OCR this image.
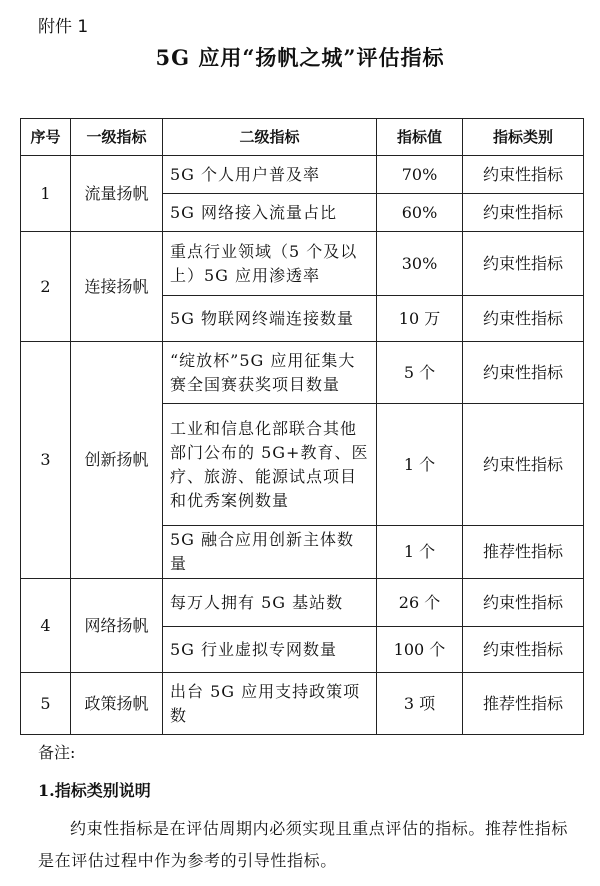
附件 1
5G 应用“扬帆之城”评估指标
序号	一级指标	二级指标	指标值	指标类别
1	流量扬帆	5G 个人用户普及率	70%	约束性指标
		5G 网络接入流量占比	60%	约束性指标
2	连接扬帆	重点行业领域（5 个及以上）5G 应用渗透率	30%	约束性指标
		5G 物联网终端连接数量	10 万	约束性指标
3	创新扬帆	“绽放杯”5G 应用征集大赛全国赛获奖项目数量	5 个	约束性指标
		工业和信息化部联合其他部门公布的 5G+教育、医疗、旅游、能源试点项目和优秀案例数量	1 个	约束性指标
		5G 融合应用创新主体数量	1 个	推荐性指标
4	网络扬帆	每万人拥有 5G 基站数	26 个	约束性指标
		5G 行业虚拟专网数量	100 个	约束性指标
5	政策扬帆	出台 5G 应用支持政策项数	3 项	推荐性指标
备注:
1.指标类别说明
约束性指标是在评估周期内必须实现且重点评估的指标。推荐性指标是在评估过程中作为参考的引导性指标。
